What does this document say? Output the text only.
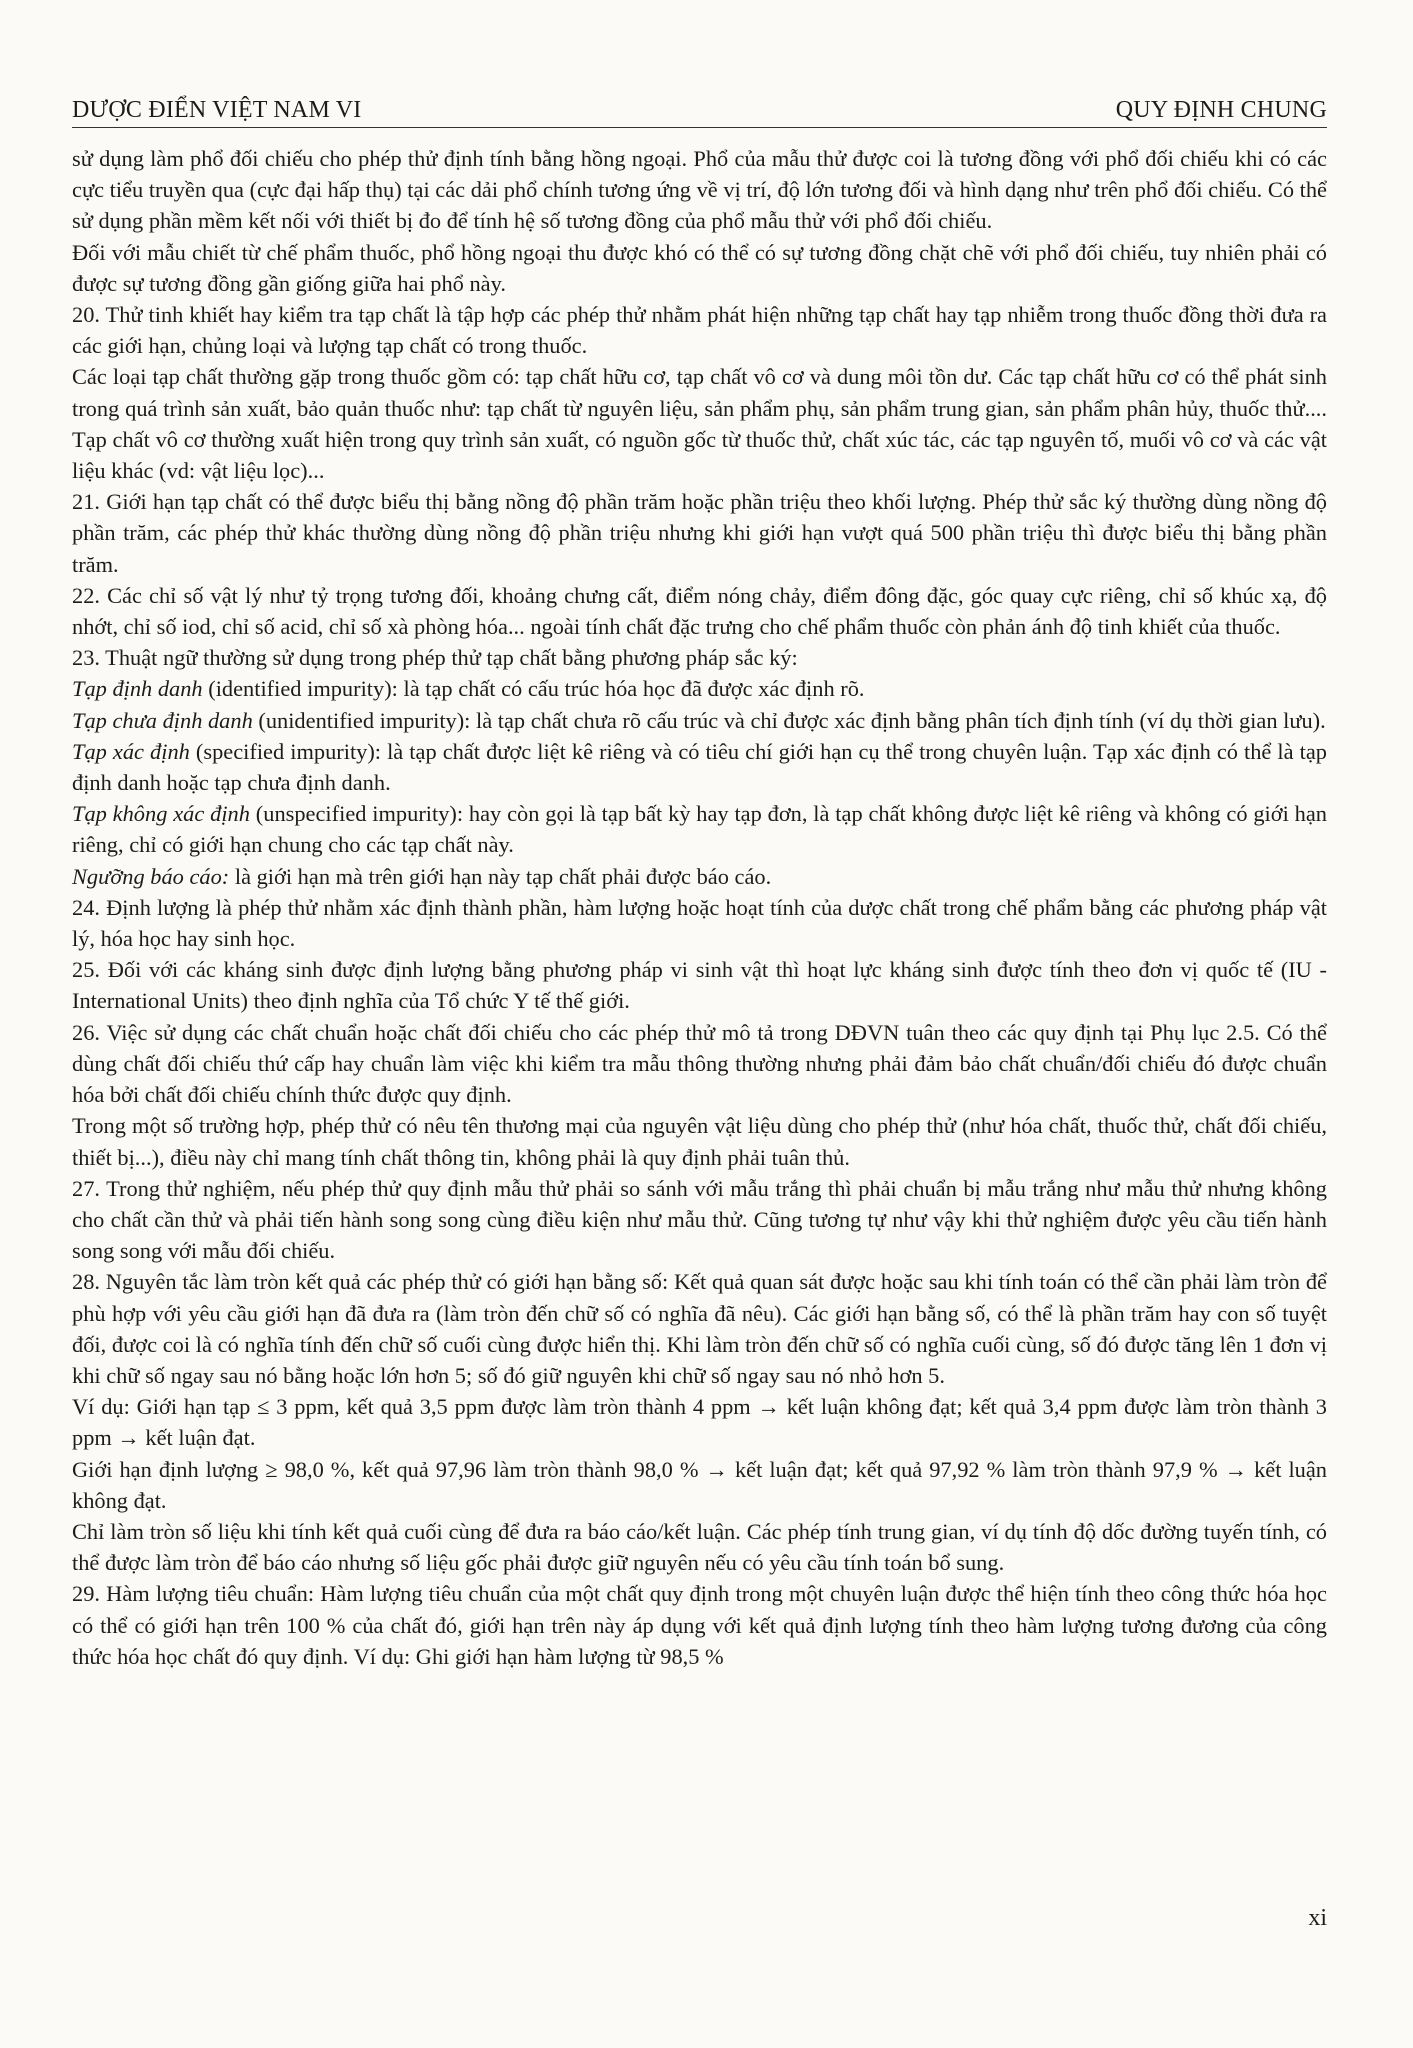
DƯỢC ĐIỂN VIỆT NAM VI	QUY ĐỊNH CHUNG

sử dụng làm phổ đối chiếu cho phép thử định tính bằng hồng ngoại. Phổ của mẫu thử được coi là tương đồng với phổ đối chiếu khi có các cực tiểu truyền qua (cực đại hấp thụ) tại các dải phổ chính tương ứng về vị trí, độ lớn tương đối và hình dạng như trên phổ đối chiếu. Có thể sử dụng phần mềm kết nối với thiết bị đo để tính hệ số tương đồng của phổ mẫu thử với phổ đối chiếu.

Đối với mẫu chiết từ chế phẩm thuốc, phổ hồng ngoại thu được khó có thể có sự tương đồng chặt chẽ với phổ đối chiếu, tuy nhiên phải có được sự tương đồng gần giống giữa hai phổ này.

20. Thử tinh khiết hay kiểm tra tạp chất là tập hợp các phép thử nhằm phát hiện những tạp chất hay tạp nhiễm trong thuốc đồng thời đưa ra các giới hạn, chủng loại và lượng tạp chất có trong thuốc.

Các loại tạp chất thường gặp trong thuốc gồm có: tạp chất hữu cơ, tạp chất vô cơ và dung môi tồn dư. Các tạp chất hữu cơ có thể phát sinh trong quá trình sản xuất, bảo quản thuốc như: tạp chất từ nguyên liệu, sản phẩm phụ, sản phẩm trung gian, sản phẩm phân hủy, thuốc thử.... Tạp chất vô cơ thường xuất hiện trong quy trình sản xuất, có nguồn gốc từ thuốc thử, chất xúc tác, các tạp nguyên tố, muối vô cơ và các vật liệu khác (vd: vật liệu lọc)...

21. Giới hạn tạp chất có thể được biểu thị bằng nồng độ phần trăm hoặc phần triệu theo khối lượng. Phép thử sắc ký thường dùng nồng độ phần trăm, các phép thử khác thường dùng nồng độ phần triệu nhưng khi giới hạn vượt quá 500 phần triệu thì được biểu thị bằng phần trăm.

22. Các chỉ số vật lý như tỷ trọng tương đối, khoảng chưng cất, điểm nóng chảy, điểm đông đặc, góc quay cực riêng, chỉ số khúc xạ, độ nhớt, chỉ số iod, chỉ số acid, chỉ số xà phòng hóa... ngoài tính chất đặc trưng cho chế phẩm thuốc còn phản ánh độ tinh khiết của thuốc.

23. Thuật ngữ thường sử dụng trong phép thử tạp chất bằng phương pháp sắc ký:

Tạp định danh (identified impurity): là tạp chất có cấu trúc hóa học đã được xác định rõ.

Tạp chưa định danh (unidentified impurity): là tạp chất chưa rõ cấu trúc và chỉ được xác định bằng phân tích định tính (ví dụ thời gian lưu).

Tạp xác định (specified impurity): là tạp chất được liệt kê riêng và có tiêu chí giới hạn cụ thể trong chuyên luận. Tạp xác định có thể là tạp định danh hoặc tạp chưa định danh.

Tạp không xác định (unspecified impurity): hay còn gọi là tạp bất kỳ hay tạp đơn, là tạp chất không được liệt kê riêng và không có giới hạn riêng, chỉ có giới hạn chung cho các tạp chất này.

Ngưỡng báo cáo: là giới hạn mà trên giới hạn này tạp chất phải được báo cáo.

24. Định lượng là phép thử nhằm xác định thành phần, hàm lượng hoặc hoạt tính của dược chất trong chế phẩm bằng các phương pháp vật lý, hóa học hay sinh học.

25. Đối với các kháng sinh được định lượng bằng phương pháp vi sinh vật thì hoạt lực kháng sinh được tính theo đơn vị quốc tế (IU - International Units) theo định nghĩa của Tổ chức Y tế thế giới.

26. Việc sử dụng các chất chuẩn hoặc chất đối chiếu cho các phép thử mô tả trong DĐVN tuân theo các quy định tại Phụ lục 2.5. Có thể dùng chất đối chiếu thứ cấp hay chuẩn làm việc khi kiểm tra mẫu thông thường nhưng phải đảm bảo chất chuẩn/đối chiếu đó được chuẩn hóa bởi chất đối chiếu chính thức được quy định.

Trong một số trường hợp, phép thử có nêu tên thương mại của nguyên vật liệu dùng cho phép thử (như hóa chất, thuốc thử, chất đối chiếu, thiết bị...), điều này chỉ mang tính chất thông tin, không phải là quy định phải tuân thủ.

27. Trong thử nghiệm, nếu phép thử quy định mẫu thử phải so sánh với mẫu trắng thì phải chuẩn bị mẫu trắng như mẫu thử nhưng không cho chất cần thử và phải tiến hành song song cùng điều kiện như mẫu thử. Cũng tương tự như vậy khi thử nghiệm được yêu cầu tiến hành song song với mẫu đối chiếu.

28. Nguyên tắc làm tròn kết quả các phép thử có giới hạn bằng số: Kết quả quan sát được hoặc sau khi tính toán có thể cần phải làm tròn để phù hợp với yêu cầu giới hạn đã đưa ra (làm tròn đến chữ số có nghĩa đã nêu). Các giới hạn bằng số, có thể là phần trăm hay con số tuyệt đối, được coi là có nghĩa tính đến chữ số cuối cùng được hiển thị. Khi làm tròn đến chữ số có nghĩa cuối cùng, số đó được tăng lên 1 đơn vị khi chữ số ngay sau nó bằng hoặc lớn hơn 5; số đó giữ nguyên khi chữ số ngay sau nó nhỏ hơn 5.

Ví dụ: Giới hạn tạp ≤ 3 ppm, kết quả 3,5 ppm được làm tròn thành 4 ppm → kết luận không đạt; kết quả 3,4 ppm được làm tròn thành 3 ppm → kết luận đạt.

Giới hạn định lượng ≥ 98,0 %, kết quả 97,96 làm tròn thành 98,0 % → kết luận đạt; kết quả 97,92 % làm tròn thành 97,9 % → kết luận không đạt.

Chỉ làm tròn số liệu khi tính kết quả cuối cùng để đưa ra báo cáo/kết luận. Các phép tính trung gian, ví dụ tính độ dốc đường tuyến tính, có thể được làm tròn để báo cáo nhưng số liệu gốc phải được giữ nguyên nếu có yêu cầu tính toán bổ sung.

29. Hàm lượng tiêu chuẩn: Hàm lượng tiêu chuẩn của một chất quy định trong một chuyên luận được thể hiện tính theo công thức hóa học có thể có giới hạn trên 100 % của chất đó, giới hạn trên này áp dụng với kết quả định lượng tính theo hàm lượng tương đương của công thức hóa học chất đó quy định. Ví dụ: Ghi giới hạn hàm lượng từ 98,5 %

xi
